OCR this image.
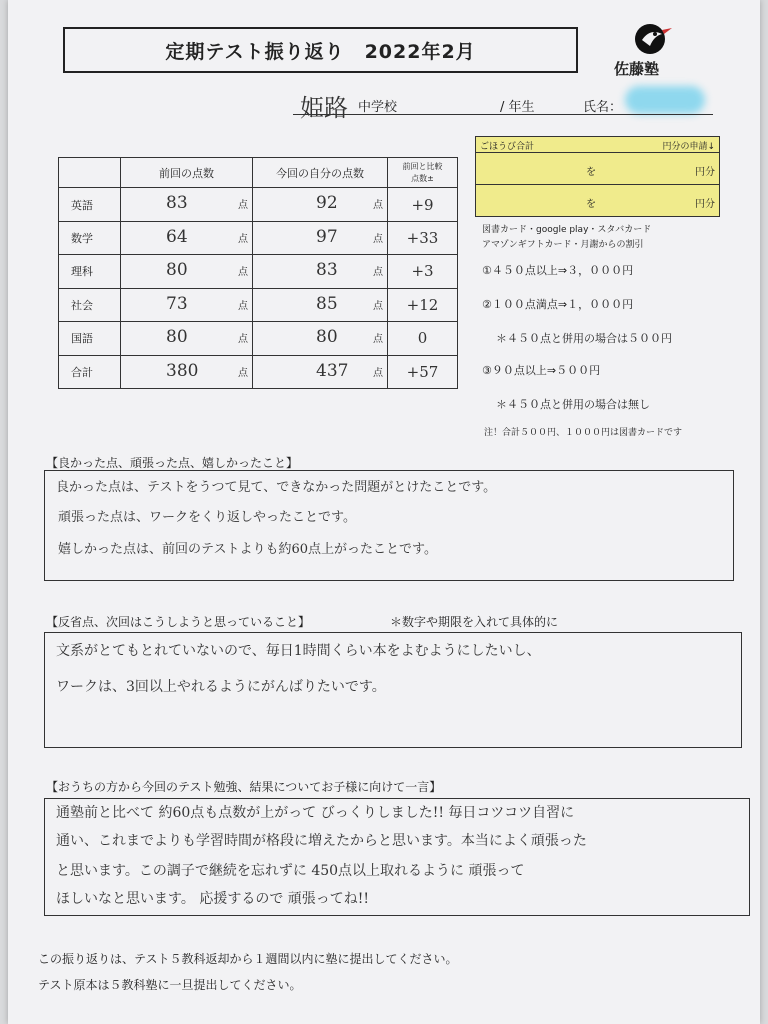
定期テスト振り返り　2022年2月
佐藤塾
姫路 中学校	/ 年生	氏名：
	前回の点数	今回の自分の点数	前回と比較
点数±

英語	83 点	92 点	+9
数学	64 点	97 点	+33
理科	80 点	83 点	+3
社会	73 点	85 点	+12
国語	80 点	80 点	0
合計	380 点	437 点	+57
ごほうび合計	円分の申請↓
を	円分
を	円分
図書カード・google play・スタバカード
アマゾンギフトカード・月謝からの割引
①４５０点以上⇒３，０００円
②１００点満点⇒１，０００円
＊４５０点と併用の場合は５００円
③９０点以上⇒５００円
＊４５０点と併用の場合は無し
注！合計５００円、１０００円は図書カードです
【良かった点、頑張った点、嬉しかったこと】
良かった点は、テストをうつて見て、できなかった問題がとけたことです。
頑張った点は、ワークをくり返しやったことです。
嬉しかった点は、前回のテストよりも約60点上がったことです。
【反省点、次回はこうしようと思っていること】	＊数字や期限を入れて具体的に
文系がとてもとれていないので、毎日1時間くらい本をよむようにしたいし、
ワークは、3回以上やれるようにがんばりたいです。
【おうちの方から今回のテスト勉強、結果についてお子様に向けて一言】
通塾前と比べて 約60点も点数が上がって びっくりしました!! 毎日コツコツ自習に
通い、これまでよりも学習時間が格段に増えたからと思います。本当によく頑張った
と思います。この調子で継続を忘れずに 450点以上取れるように 頑張って
ほしいなと思います。 応援するので 頑張ってね!!
この振り返りは、テスト５教科返却から１週間以内に塾に提出してください。
テスト原本は５教科塾に一旦提出してください。
